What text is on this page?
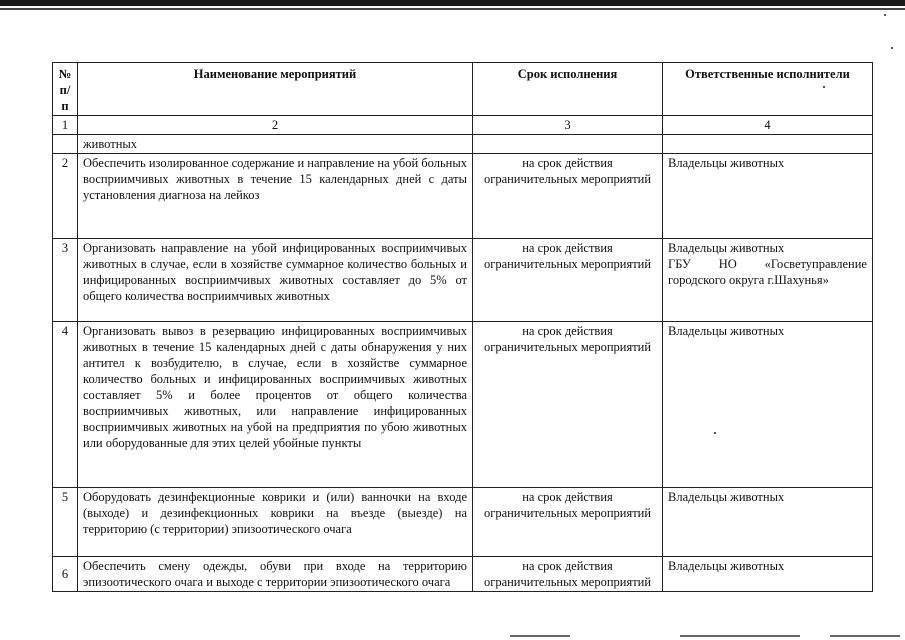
№ п/п	Наименование мероприятий	Срок исполнения	Ответственные исполнители
1	2	3	4
	животных		
2	Обеспечить изолированное содержание и направление на убой больных восприимчивых животных в течение 15 календарных дней с даты установления диагноза на лейкоз	на срок действия ограничительных мероприятий	Владельцы животных

3	Организовать направление на убой инфицированных восприимчивых животных в случае, если в хозяйстве суммарное количество больных и инфицированных восприимчивых животных составляет до 5% от общего количества восприимчивых животных	на срок действия ограничительных мероприятий	Владельцы животных
ГБУ НО «Госветуправление городского округа г.Шахунья»

4	Организовать вывоз в резервацию инфицированных восприимчивых животных в течение 15 календарных дней с даты обнаружения у них антител к возбудителю, в случае, если в хозяйстве суммарное количество больных и инфицированных восприимчивых животных составляет 5% и более процентов от общего количества восприимчивых животных, или направление инфицированных восприимчивых животных на убой на предприятия по убою животных или оборудованные для этих целей убойные пункты	на срок действия ограничительных мероприятий	Владельцы животных

5	Оборудовать дезинфекционные коврики и (или) ванночки на входе (выходе) и дезинфекционных коврики на въезде (выезде) на территорию (с территории) эпизоотического очага	на срок действия ограничительных мероприятий	Владельцы животных

6	Обеспечить смену одежды, обуви при входе на территорию эпизоотического очага и выходе с территории эпизоотического очага	на срок действия ограничительных мероприятий	Владельцы животных
